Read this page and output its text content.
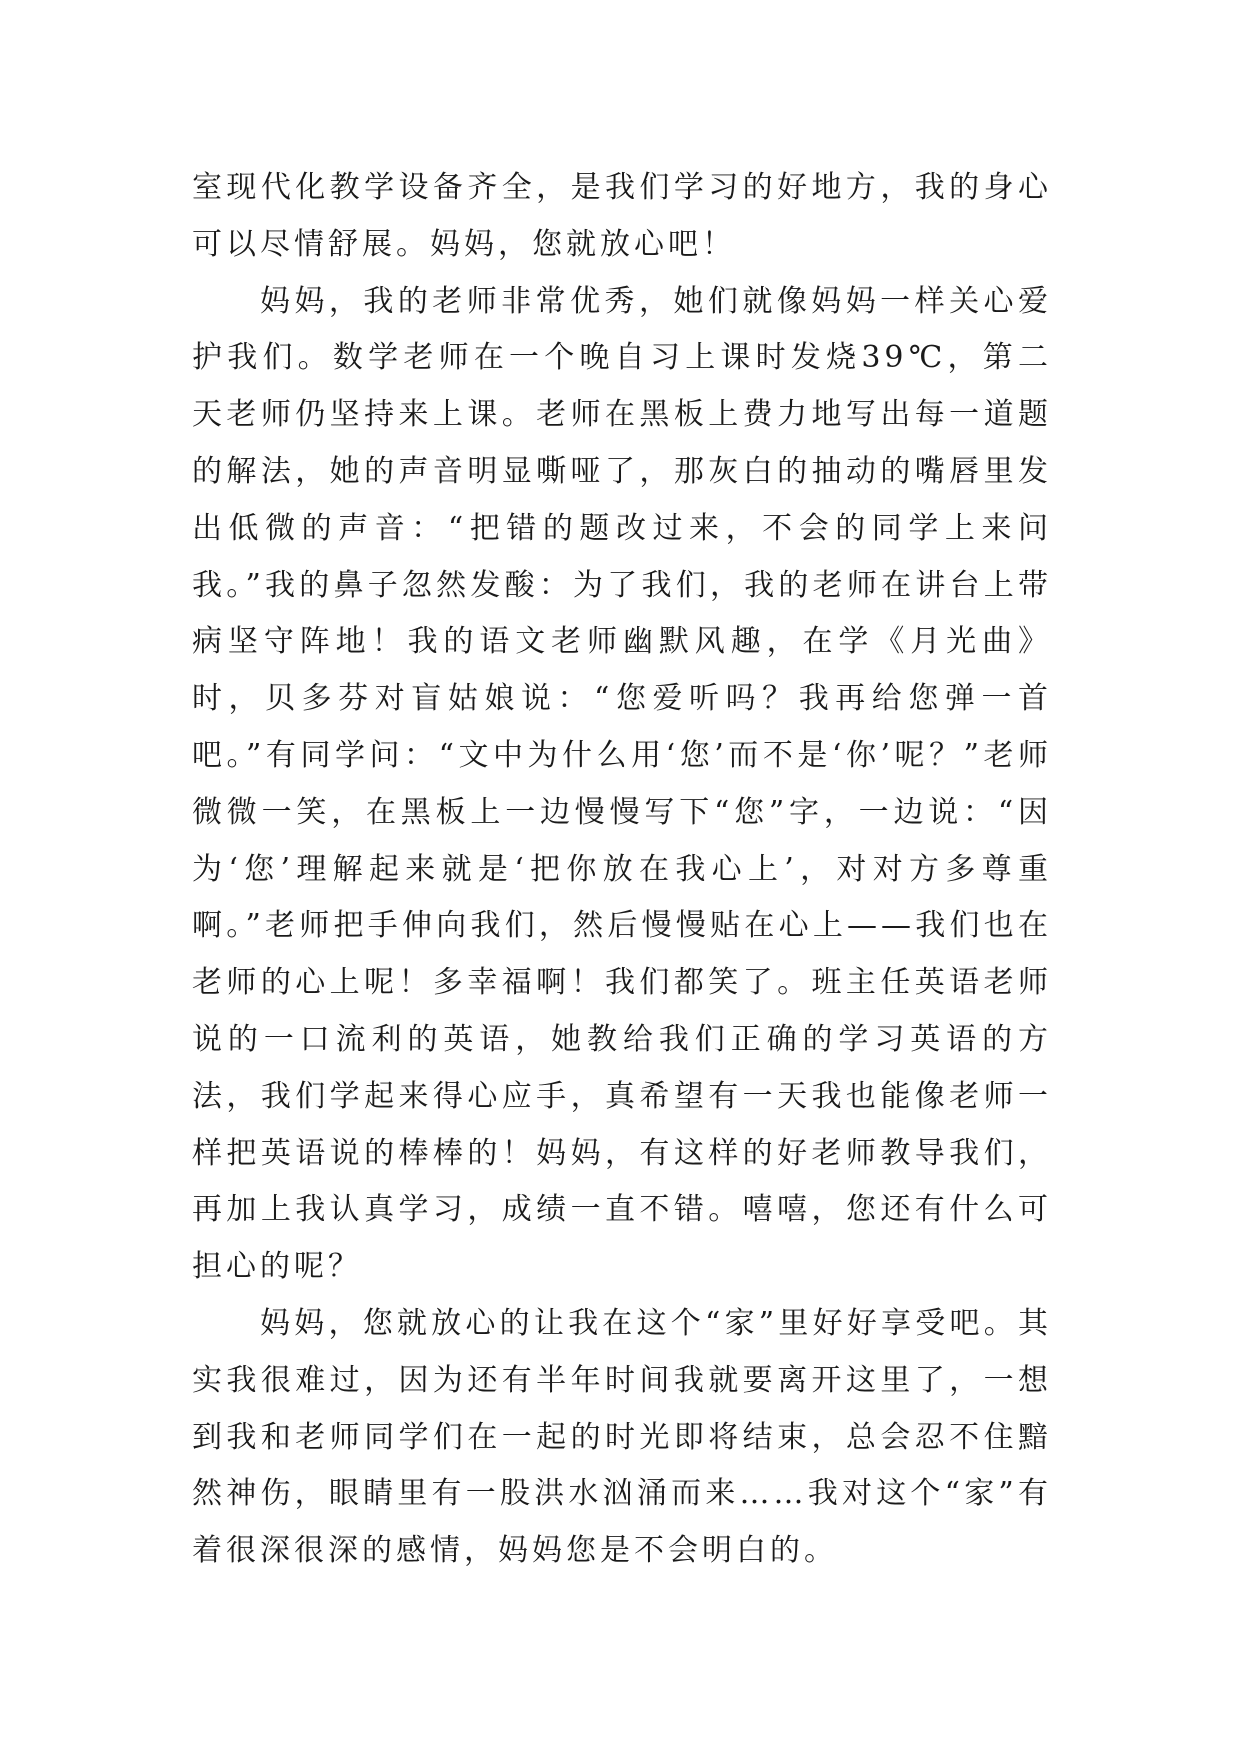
室现代化教学设备齐全，是我们学习的好地方，我的身心可以尽情舒展。妈妈，您就放心吧！

妈妈，我的老师非常优秀，她们就像妈妈一样关心爱护我们。数学老师在一个晚自习上课时发烧39℃，第二天老师仍坚持来上课。老师在黑板上费力地写出每一道题的解法，她的声音明显嘶哑了，那灰白的抽动的嘴唇里发出低微的声音：“把错的题改过来，不会的同学上来问我。”我的鼻子忽然发酸：为了我们，我的老师在讲台上带病坚守阵地！我的语文老师幽默风趣，在学《月光曲》时，贝多芬对盲姑娘说：“您爱听吗？我再给您弹一首吧。”有同学问：“文中为什么用‘您’而不是‘你’呢？”老师微微一笑，在黑板上一边慢慢写下“您”字，一边说：“因为‘您’理解起来就是‘把你放在我心上’，对对方多尊重啊。”老师把手伸向我们，然后慢慢贴在心上——我们也在老师的心上呢！多幸福啊！我们都笑了。班主任英语老师说的一口流利的英语，她教给我们正确的学习英语的方法，我们学起来得心应手，真希望有一天我也能像老师一样把英语说的棒棒的！妈妈，有这样的好老师教导我们，再加上我认真学习，成绩一直不错。嘻嘻，您还有什么可担心的呢？

妈妈，您就放心的让我在这个“家”里好好享受吧。其实我很难过，因为还有半年时间我就要离开这里了，一想到我和老师同学们在一起的时光即将结束，总会忍不住黯然神伤，眼睛里有一股洪水汹涌而来……我对这个“家”有着很深很深的感情，妈妈您是不会明白的。
